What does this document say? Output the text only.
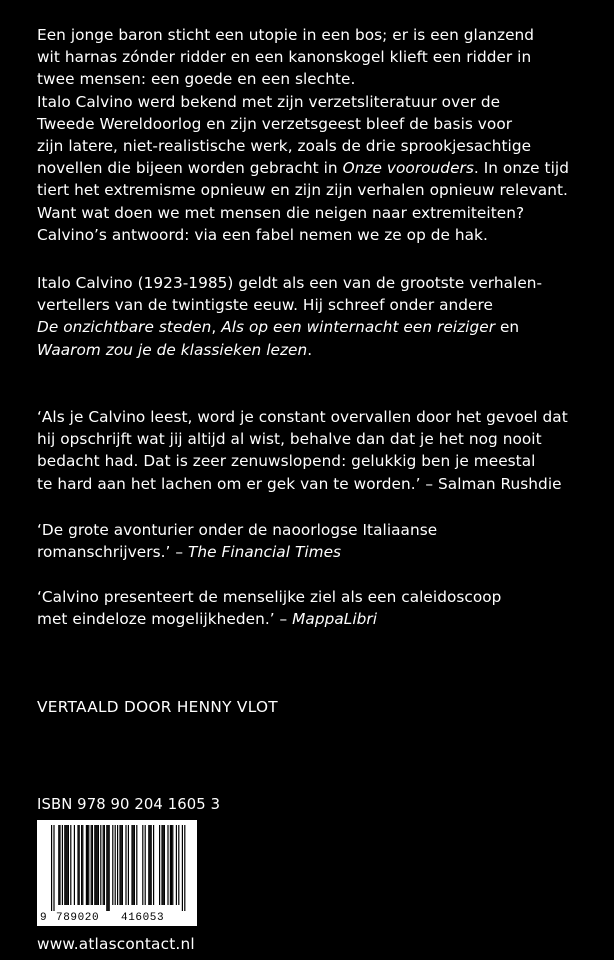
Een jonge baron sticht een utopie in een bos; er is een glanzend

wit harnas zónder ridder en een kanonskogel klieft een ridder in

twee mensen: een goede en een slechte.

Italo Calvino werd bekend met zijn verzetsliteratuur over de

Tweede Wereldoorlog en zijn verzetsgeest bleef de basis voor

zijn latere, niet-realistische werk, zoals de drie sprookjesachtige

novellen die bijeen worden gebracht in Onze voorouders. In onze tijd

tiert het extremisme opnieuw en zijn zijn verhalen opnieuw relevant.

Want wat doen we met mensen die neigen naar extremiteiten?

Calvino’s antwoord: via een fabel nemen we ze op de hak.

Italo Calvino (1923-1985) geldt als een van de grootste verhalen-

vertellers van de twintigste eeuw. Hij schreef onder andere

De onzichtbare steden, Als op een winternacht een reiziger en

Waarom zou je de klassieken lezen.

‘Als je Calvino leest, word je constant overvallen door het gevoel dat

hij opschrijft wat jij altijd al wist, behalve dan dat je het nog nooit

bedacht had. Dat is zeer zenuwslopend: gelukkig ben je meestal

te hard aan het lachen om er gek van te worden.’ – Salman Rushdie

‘De grote avonturier onder de naoorlogse Italiaanse

romanschrijvers.’ – The Financial Times

‘Calvino presenteert de menselijke ziel als een caleidoscoop

met eindeloze mogelijkheden.’ – MappaLibri

VERTAALD DOOR HENNY VLOT
ISBN 978 90 204 1605 3
9 789020 416053
www.atlascontact.nl
